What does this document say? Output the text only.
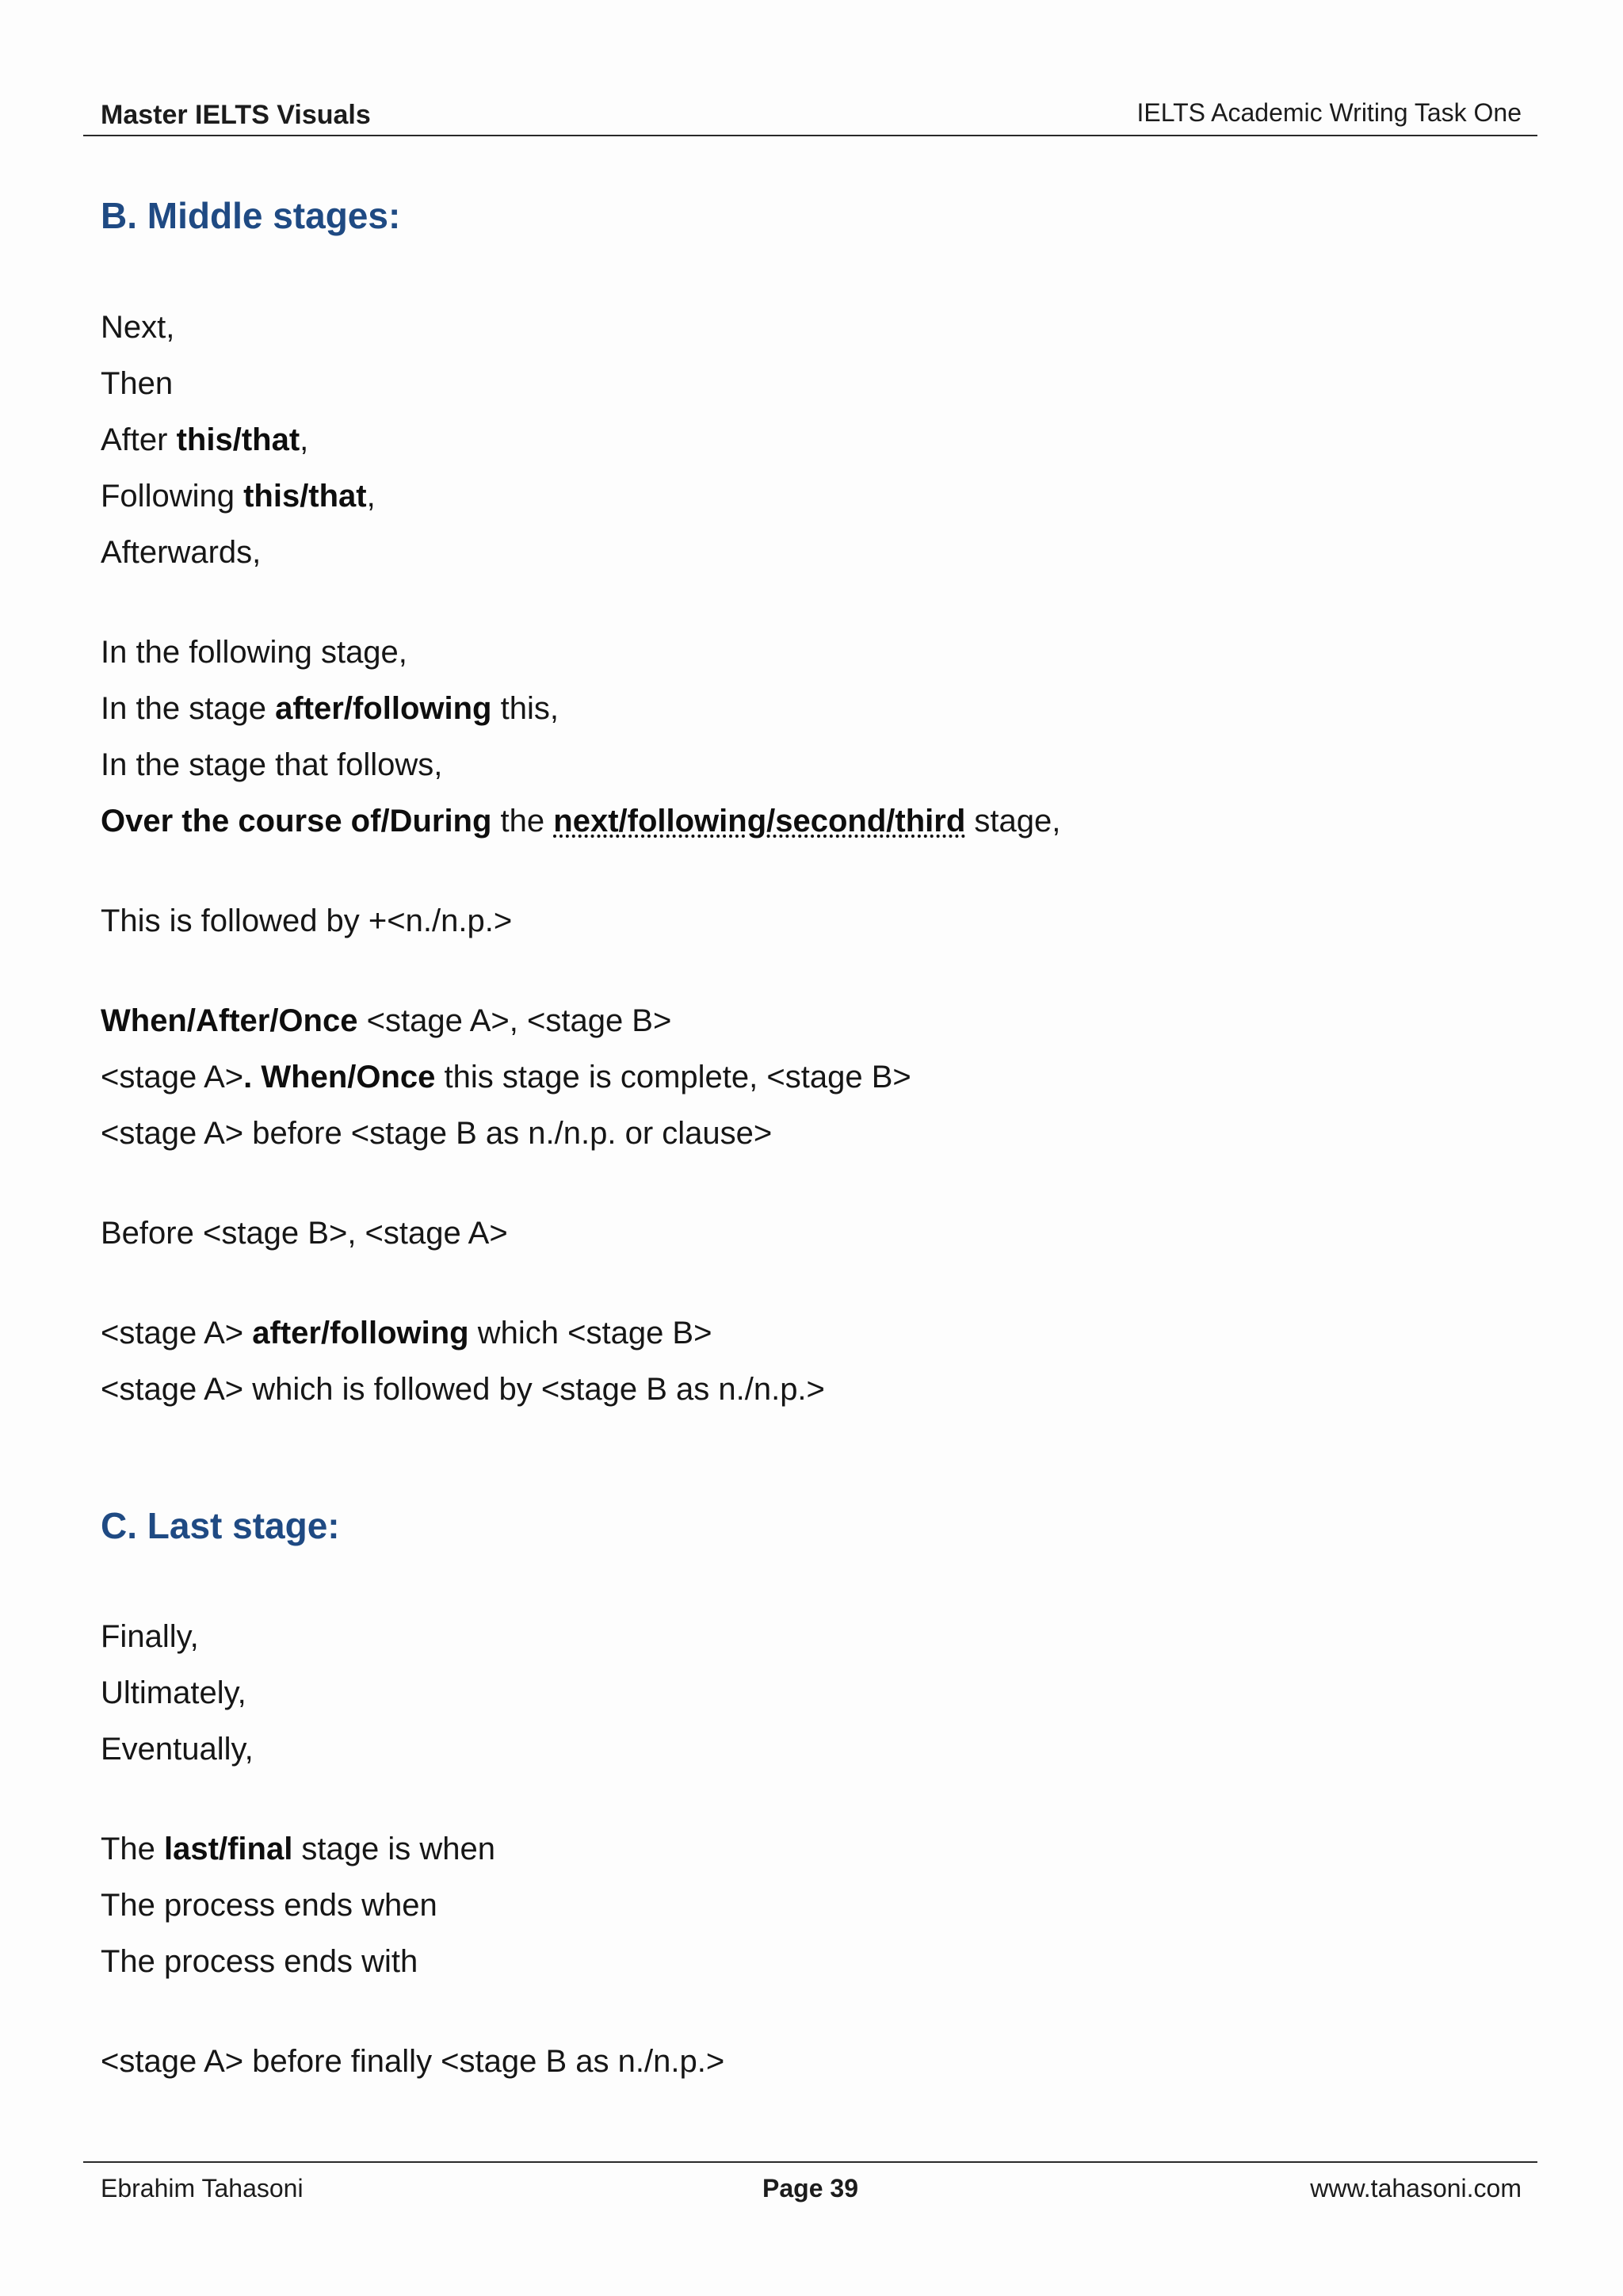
Master IELTS Visuals	IELTS Academic Writing Task One
B. Middle stages:
Next,
Then
After this/that,
Following this/that,
Afterwards,
In the following stage,
In the stage after/following this,
In the stage that follows,
Over the course of/During the next/following/second/third stage,
This is followed by +<n./n.p.>
When/After/Once <stage A>, <stage B>
<stage A>. When/Once this stage is complete, <stage B>
<stage A> before <stage B as n./n.p. or clause>
Before <stage B>, <stage A>
<stage A> after/following which <stage B>
<stage A> which is followed by <stage B as n./n.p.>
C. Last stage:
Finally,
Ultimately,
Eventually,
The last/final stage is when
The process ends when
The process ends with
<stage A> before finally <stage B as n./n.p.>
Ebrahim Tahasoni	Page 39	www.tahasoni.com
